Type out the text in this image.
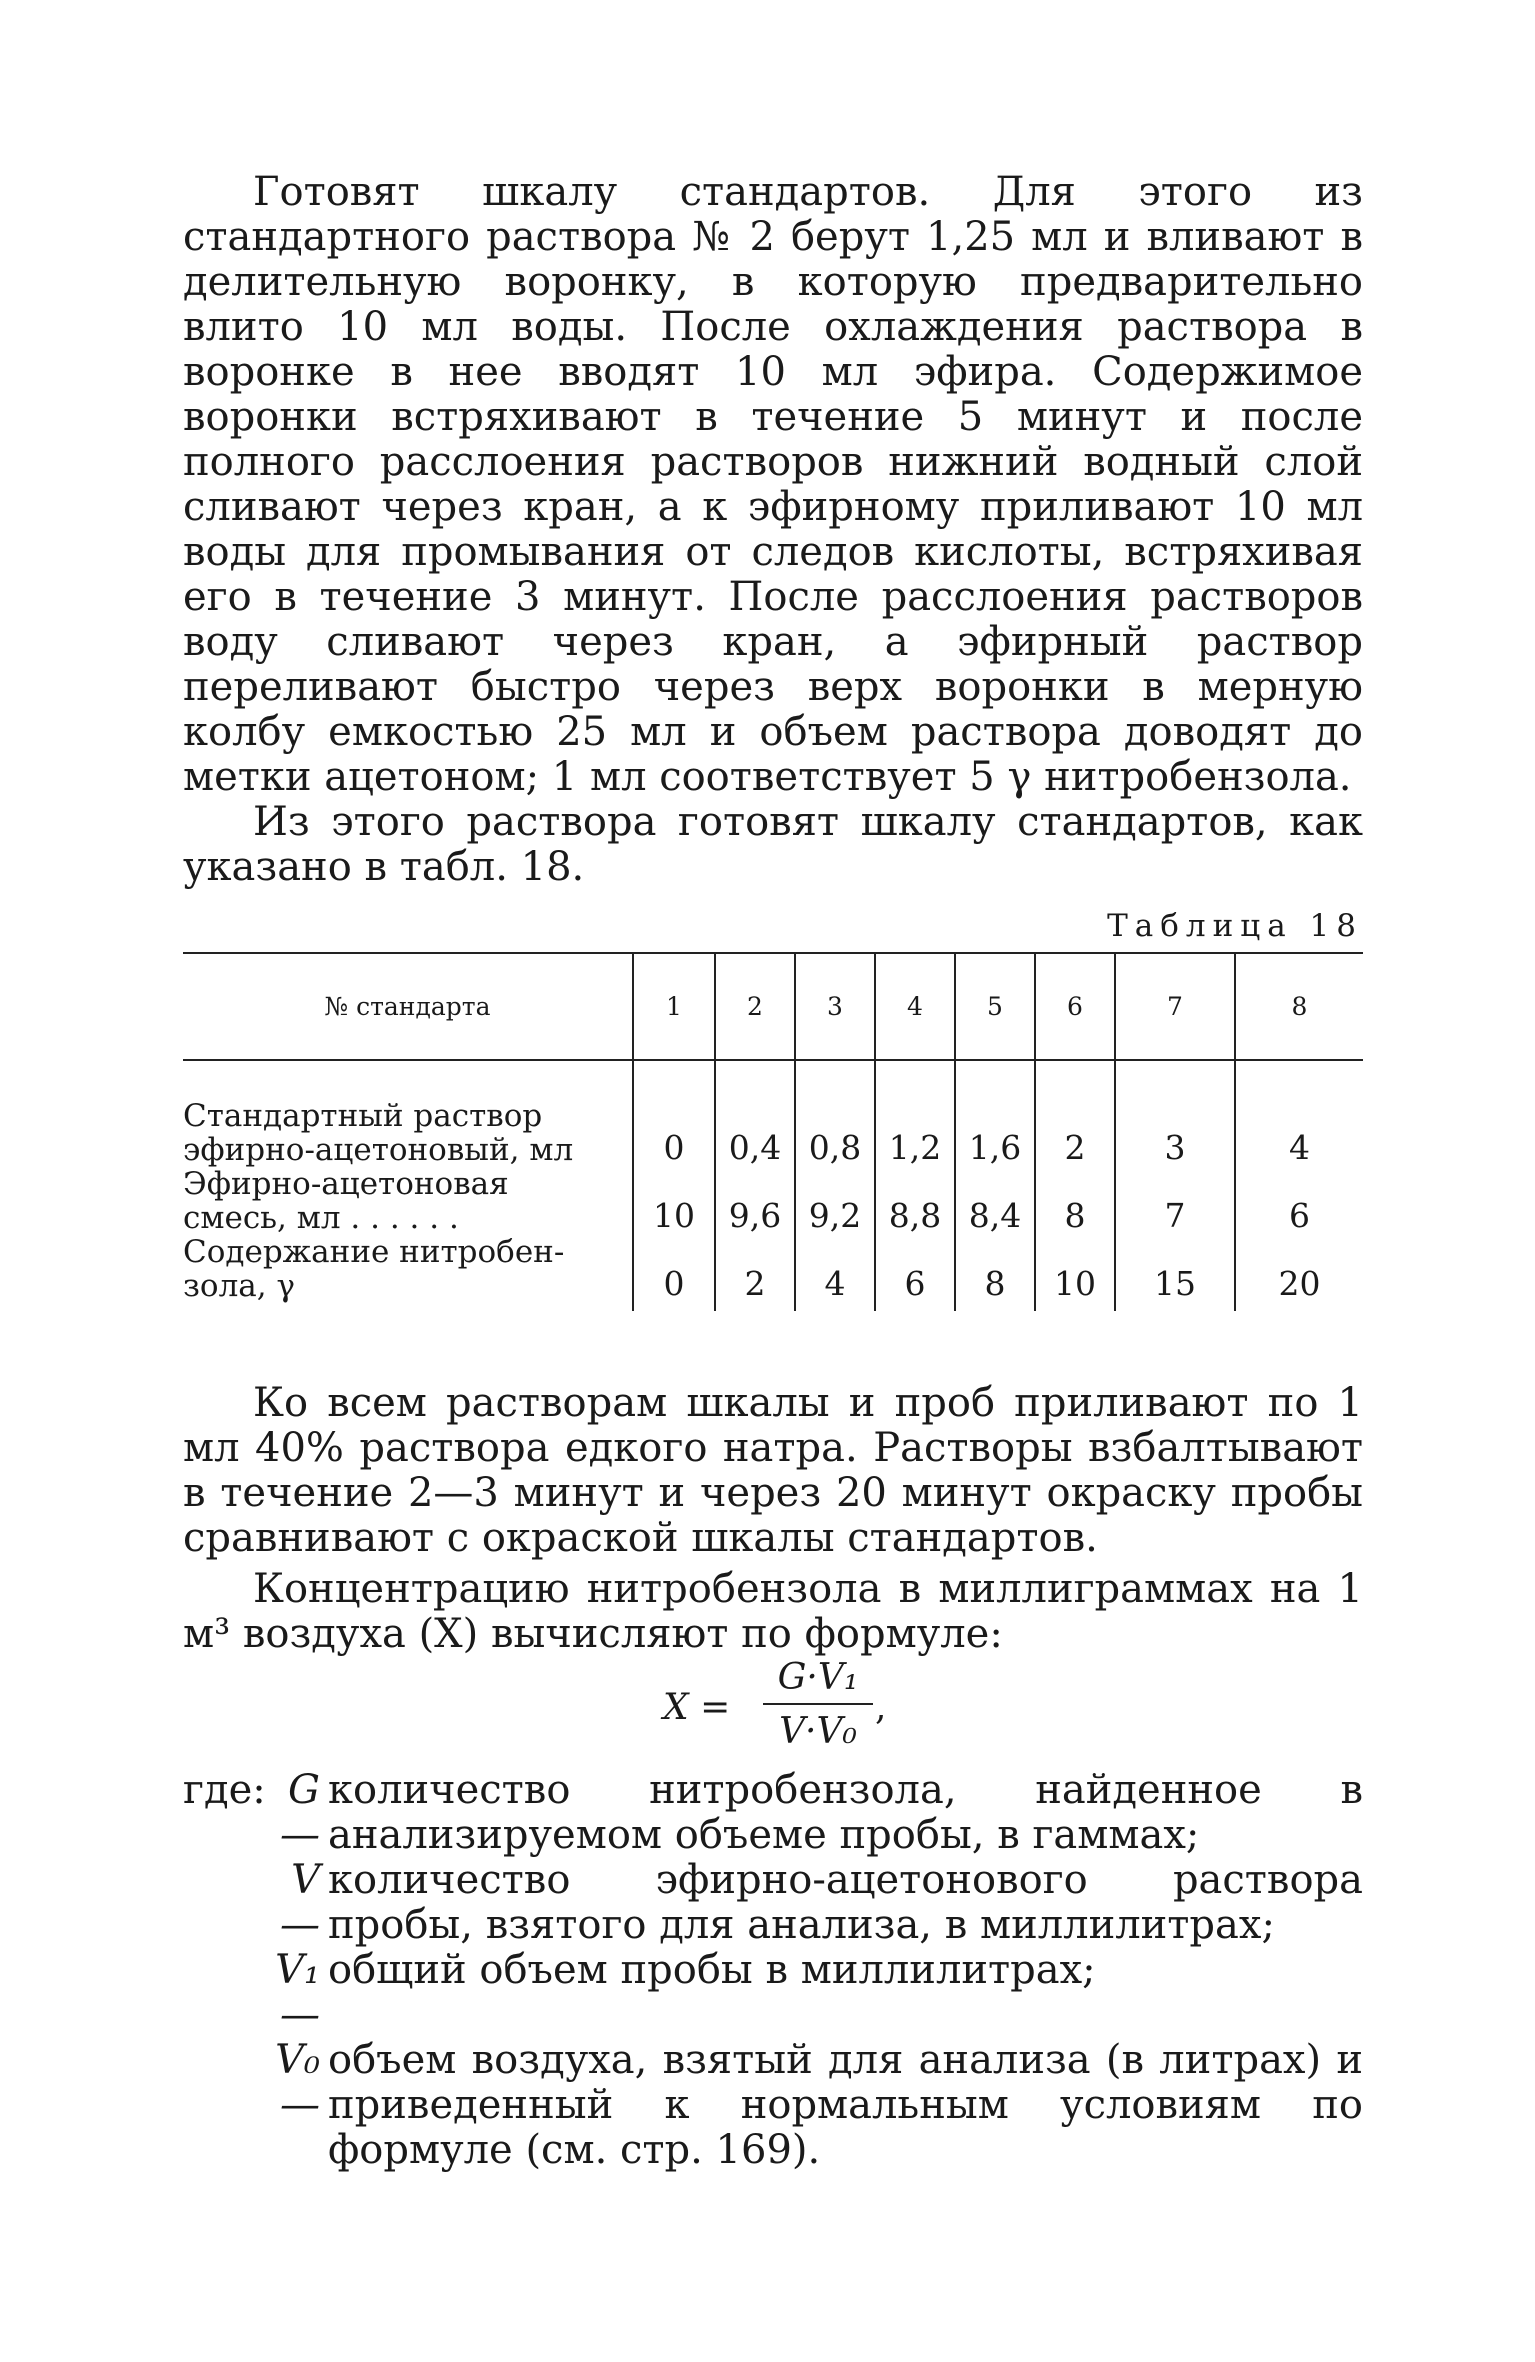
Готовят шкалу стандартов. Для этого из стандартного раствора № 2 берут 1,25 мл и вливают в делительную воронку, в которую предварительно влито 10 мл воды. После охлаждения раствора в воронке в нее вводят 10 мл эфира. Содержимое воронки встряхивают в течение 5 минут и после полного расслоения растворов нижний водный слой сливают через кран, а к эфирному приливают 10 мл воды для промывания от следов кислоты, встряхивая его в течение 3 минут. После расслоения растворов воду сливают через кран, а эфирный раствор переливают быстро через верх воронки в мерную колбу емкостью 25 мл и объем раствора доводят до метки ацетоном; 1 мл соответствует 5 γ нитробензола.

Из этого раствора готовят шкалу стандартов, как указано в табл. 18.

Таблица 18
№ стандарта	1	2	3	4	5	6	7	8
Стандартный раствор
эфирно-ацетоновый, мл	0	0,4	0,8	1,2	1,6	2	3	4
Эфирно-ацетоновая
смесь, мл . . . . . .	10	9,6	9,2	8,8	8,4	8	7	6
Содержание нитробен-
зола, γ	0	2	4	6	8	10	15	20

Ко всем растворам шкалы и проб приливают по 1 мл 40% раствора едкого натра. Растворы взбалтывают в течение 2—3 минут и через 20 минут окраску пробы сравнивают с окраской шкалы стандартов.

Концентрацию нитробензола в миллиграммах на 1 м³ воздуха (X) вычисляют по формуле:

X =
G·V₁
V·V₀
,
где: G —
количество нитробензола, найденное в анализируемом объеме пробы, в гаммах;
V —
количество эфирно-ацетонового раствора пробы, взятого для анализа, в миллилитрах;
V₁ —
общий объем пробы в миллилитрах;
V₀ —
объем воздуха, взятый для анализа (в литрах) и приведенный к нормальным условиям по формуле (см. стр. 169).
